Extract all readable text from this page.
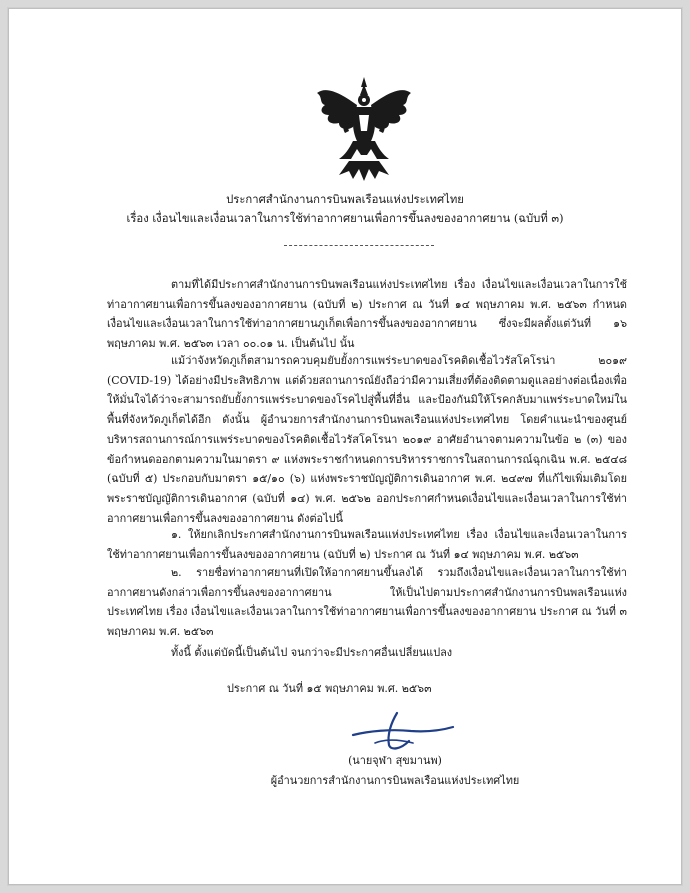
ประกาศสำนักงานการบินพลเรือนแห่งประเทศไทย
เรื่อง เงื่อนไขและเงื่อนเวลาในการใช้ท่าอากาศยานเพื่อการขึ้นลงของอากาศยาน (ฉบับที่ ๓)

ตามที่ได้มีประกาศสำนักงานการบินพลเรือนแห่งประเทศไทย เรื่อง เงื่อนไขและเงื่อนเวลาในการใช้ท่าอากาศยานเพื่อการขึ้นลงของอากาศยาน (ฉบับที่ ๒) ประกาศ ณ วันที่ ๑๔ พฤษภาคม พ.ศ. ๒๕๖๓ กำหนดเงื่อนไขและเงื่อนเวลาในการใช้ท่าอากาศยานภูเก็ตเพื่อการขึ้นลงของอากาศยาน ซึ่งจะมีผลตั้งแต่วันที่ ๑๖ พฤษภาคม พ.ศ. ๒๕๖๓ เวลา ๐๐.๐๑ น. เป็นต้นไป นั้น

แม้ว่าจังหวัดภูเก็ตสามารถควบคุมยับยั้งการแพร่ระบาดของโรคติดเชื้อไวรัสโคโรน่า ๒๐๑๙ (COVID-19) ได้อย่างมีประสิทธิภาพ แต่ด้วยสถานการณ์ยังถือว่ามีความเสี่ยงที่ต้องติดตามดูแลอย่างต่อเนื่องเพื่อให้มั่นใจได้ว่าจะสามารถยับยั้งการแพร่ระบาดของโรคไปสู่พื้นที่อื่น และป้องกันมิให้โรคกลับมาแพร่ระบาดใหม่ในพื้นที่จังหวัดภูเก็ตได้อีก ดังนั้น ผู้อำนวยการสำนักงานการบินพลเรือนแห่งประเทศไทย โดยคำแนะนำของศูนย์บริหารสถานการณ์การแพร่ระบาดของโรคติดเชื้อไวรัสโคโรนา ๒๐๑๙ อาศัยอำนาจตามความในข้อ ๒ (๓) ของข้อกำหนดออกตามความในมาตรา ๙ แห่งพระราชกำหนดการบริหารราชการในสถานการณ์ฉุกเฉิน พ.ศ. ๒๕๔๘ (ฉบับที่ ๕) ประกอบกับมาตรา ๑๕/๑๐ (๖) แห่งพระราชบัญญัติการเดินอากาศ พ.ศ. ๒๔๙๗ ที่แก้ไขเพิ่มเติมโดยพระราชบัญญัติการเดินอากาศ (ฉบับที่ ๑๔) พ.ศ. ๒๕๖๒ ออกประกาศกำหนดเงื่อนไขและเงื่อนเวลาในการใช้ท่าอากาศยานเพื่อการขึ้นลงของอากาศยาน ดังต่อไปนี้

๑. ให้ยกเลิกประกาศสำนักงานการบินพลเรือนแห่งประเทศไทย เรื่อง เงื่อนไขและเงื่อนเวลาในการใช้ท่าอากาศยานเพื่อการขึ้นลงของอากาศยาน (ฉบับที่ ๒) ประกาศ ณ วันที่ ๑๔ พฤษภาคม พ.ศ. ๒๕๖๓

๒. รายชื่อท่าอากาศยานที่เปิดให้อากาศยานขึ้นลงได้ รวมถึงเงื่อนไขและเงื่อนเวลาในการใช้ท่าอากาศยานดังกล่าวเพื่อการขึ้นลงของอากาศยาน ให้เป็นไปตามประกาศสำนักงานการบินพลเรือนแห่งประเทศไทย เรื่อง เงื่อนไขและเงื่อนเวลาในการใช้ท่าอากาศยานเพื่อการขึ้นลงของอากาศยาน ประกาศ ณ วันที่ ๓ พฤษภาคม พ.ศ. ๒๕๖๓

ทั้งนี้ ตั้งแต่บัดนี้เป็นต้นไป จนกว่าจะมีประกาศอื่นเปลี่ยนแปลง
ประกาศ ณ วันที่ ๑๕ พฤษภาคม พ.ศ. ๒๕๖๓
(นายจุฬา สุขมานพ)
ผู้อำนวยการสำนักงานการบินพลเรือนแห่งประเทศไทย
